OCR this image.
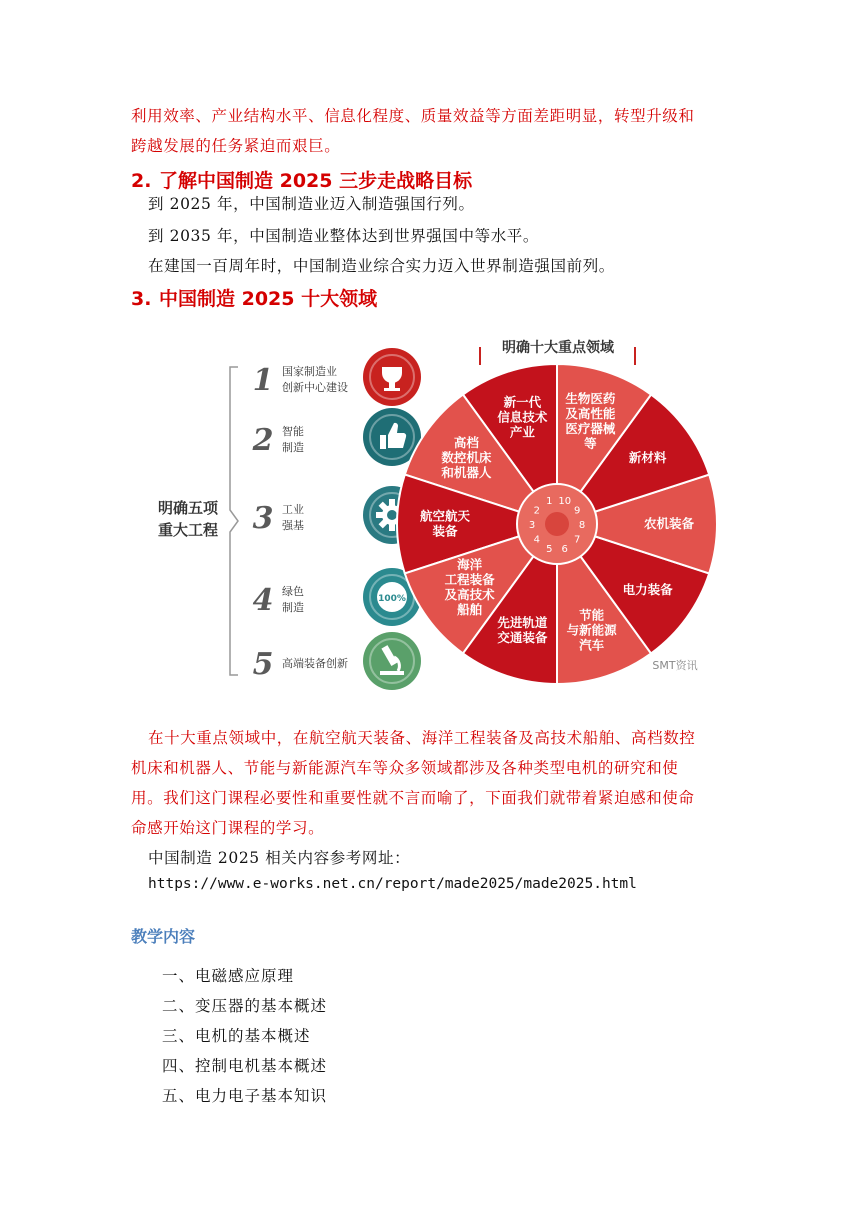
利用效率、产业结构水平、信息化程度、质量效益等方面差距明显，转型升级和
跨越发展的任务紧迫而艰巨。
2. 了解中国制造 2025 三步走战略目标
到 2025 年，中国制造业迈入制造强国行列。
到 2035 年，中国制造业整体达到世界强国中等水平。
在建国一百周年时，中国制造业综合实力迈入世界制造强国前列。
3. 中国制造 2025 十大领域
明确五项
重大工程
明确十大重点领域
1 国家制造业
创新中心建设
2 智能
制造
3 工业
强基
4 绿色
制造
100%
5 高端装备创新
新一代
信息技术
产业
高档
数控机床
和机器人
航空航天
装备
海洋
工程装备
及高技术
船舶
先进轨道
交通装备
节能
与新能源
汽车
电力装备
农机装备
新材料
生物医药
及高性能
医疗器械
等
1
2
3
4
5 6
7
8
9
10
SMT资讯
在十大重点领域中，在航空航天装备、海洋工程装备及高技术船舶、高档数控
机床和机器人、节能与新能源汽车等众多领域都涉及各种类型电机的研究和使
用。我们这门课程必要性和重要性就不言而喻了，下面我们就带着紧迫感和使命
命感开始这门课程的学习。
中国制造 2025 相关内容参考网址：
https://www.e-works.net.cn/report/made2025/made2025.html
教学内容
一、电磁感应原理
二、变压器的基本概述
三、电机的基本概述
四、控制电机基本概述
五、电力电子基本知识
